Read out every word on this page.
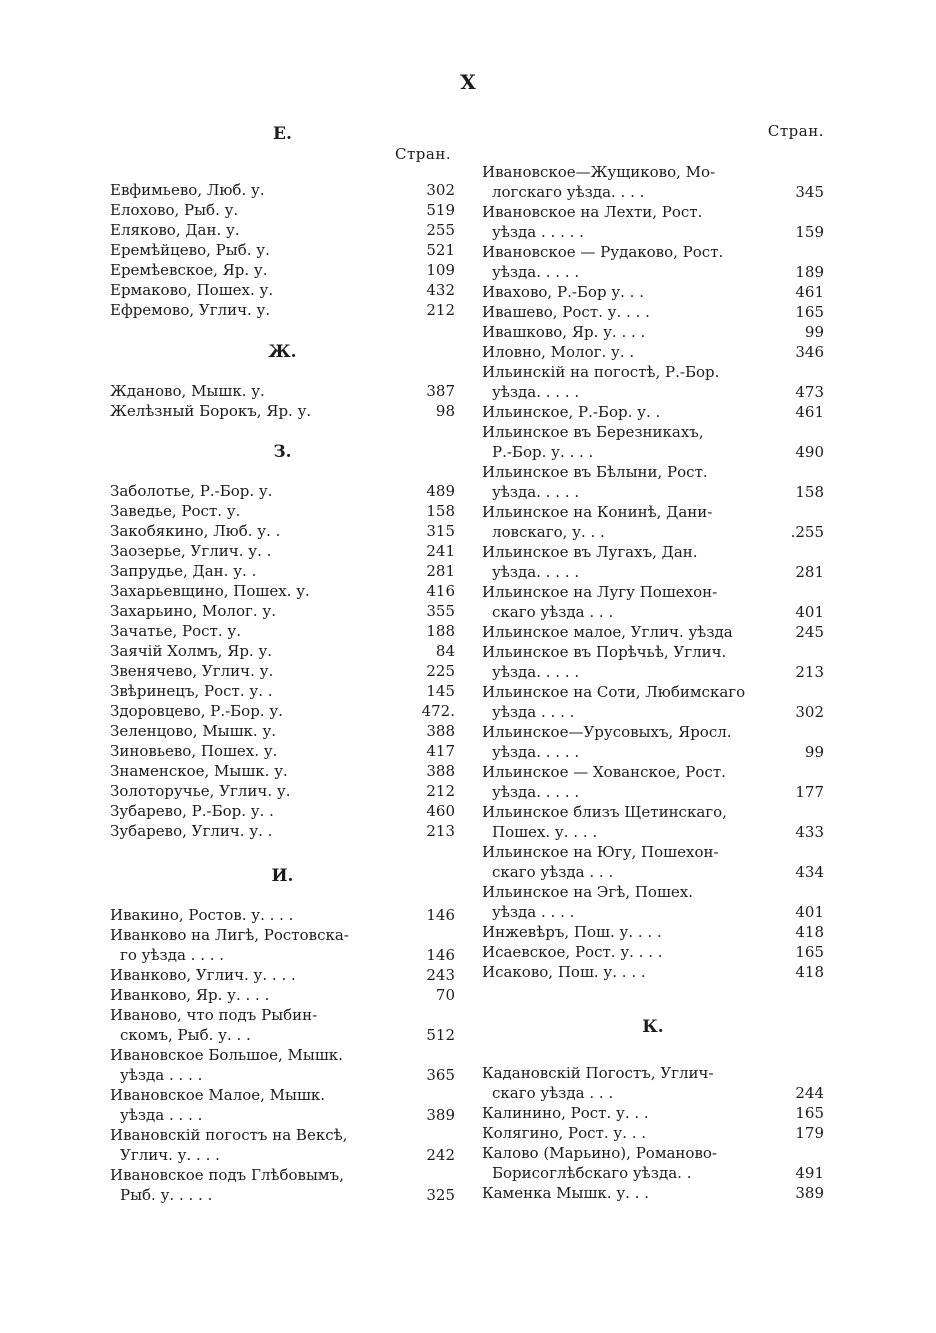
X
Е.
Стран.
Евфимьево, Люб. у.	302
Елохово, Рыб. у.	519
Еляково, Дан. у.	255
Еремѣйцево, Рыб. у.	521
Еремѣевское, Яр. у.	109
Ермаково, Пошех. у.	432
Ефремово, Углич. у.	212
Ж.
Жданово, Мышк. у.	387
Желѣзный Борокъ, Яр. у.	98
З.
Заболотье, Р.-Бор. у.	489
Заведье, Рост. у.	158
Закобякино, Люб. у. .	315
Заозерье, Углич. у. .	241
Запрудье, Дан. у. .	281
Захарьевщино, Пошех. у.	416
Захарьино, Молог. у.	355
Зачатье, Рост. у.	188
Заячій Холмъ, Яр. у.	84
Звенячево, Углич. у.	225
Звѣринецъ, Рост. у. .	145
Здоровцево, Р.-Бор. у.	472.
Зеленцово, Мышк. у.	388
Зиновьево, Пошех. у.	417
Знаменское, Мышк. у.	388
Золоторучье, Углич. у.	212
Зубарево, Р.-Бор. у. .	460
Зубарево, Углич. у. .	213
И.
Ивакино, Ростов. у. . . .	146
Иванково на Лигѣ, Ростовска-
го уѣзда . . . .	146
Иванково, Углич. у. . . .	243
Иванково, Яр. у. . . .	70
Иваново, что подъ Рыбин-
скомъ, Рыб. у. . .	512
Ивановское Большое, Мышк.
уѣзда . . . .	365
Ивановское Малое, Мышк.
уѣзда . . . .	389
Ивановскій погостъ на Вексѣ,
Углич. у. . . .	242
Ивановское подъ Глѣбовымъ,
Рыб. у. . . . .	325
Стран.
Ивановское—Жущиково, Мо-
логскаго уѣзда. . . .	345
Ивановское на Лехти, Рост.
уѣзда . . . . .	159
Ивановское — Рудаково, Рост.
уѣзда. . . . .	189
Ивахово, Р.-Бор у. . .	461
Ивашево, Рост. у. . . .	165
Ивашково, Яр. у. . . .	99
Иловно, Молог. у. .	346
Ильинскій на погостѣ, Р.-Бор.
уѣзда. . . . .	473
Ильинское, Р.-Бор. у. .	461
Ильинское въ Березникахъ,
Р.-Бор. у. . . .	490
Ильинское въ Бѣлыни, Рост.
уѣзда. . . . .	158
Ильинское на Конинѣ, Дани-
ловскаго, у. . .	.255
Ильинское въ Лугахъ, Дан.
уѣзда. . . . .	281
Ильинское на Лугу Пошехон-
скаго уѣзда . . .	401
Ильинское малое, Углич. уѣзда	245
Ильинское въ Порѣчьѣ, Углич.
уѣзда. . . . .	213
Ильинское на Соти, Любимскаго
уѣзда . . . .	302
Ильинское—Урусовыхъ, Яросл.
уѣзда. . . . .	99
Ильинское — Хованское, Рост.
уѣзда. . . . .	177
Ильинское близъ Щетинскаго,
Пошех. у. . . .	433
Ильинское на Югу, Пошехон-
скаго уѣзда . . .	434
Ильинское на Эгѣ, Пошех.
уѣзда . . . .	401
Инжевѣръ, Пош. у. . . .	418
Исаевское, Рост. у. . . .	165
Исаково, Пош. у. . . .	418
К.
Кадановскій Погостъ, Углич-
скаго уѣзда . . .	244
Калинино, Рост. у. . .	165
Колягино, Рост. у. . .	179
Калово (Марьино), Романово-
Борисоглѣбскаго уѣзда. .	491
Каменка Мышк. у. . .	389
